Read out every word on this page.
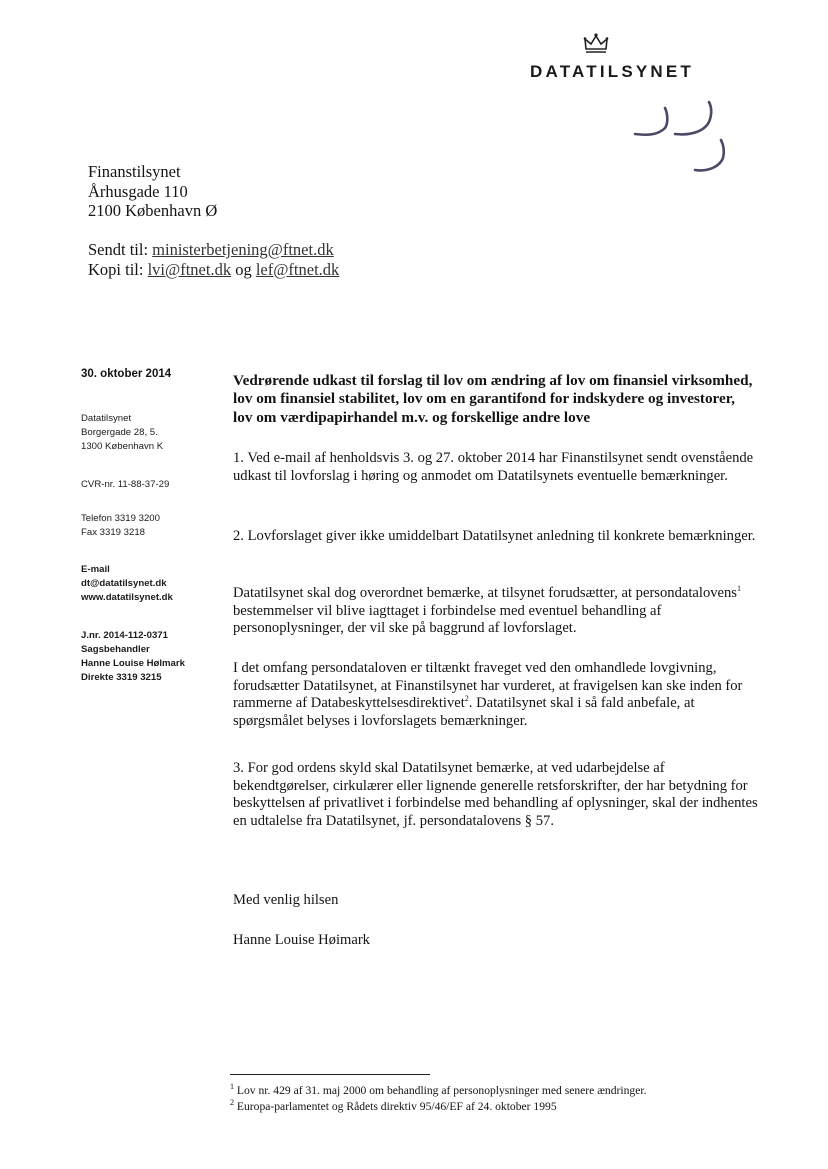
DATATILSYNET
Finanstilsynet
Århusgade 110
2100 København Ø
Sendt til: ministerbetjening@ftnet.dk
Kopi til: lvi@ftnet.dk og lef@ftnet.dk
30. oktober 2014
Datatilsynet
Borgergade 28, 5.
1300 København K
CVR-nr. 11-88-37-29
Telefon 3319 3200
Fax 3319 3218
E-mail
dt@datatilsynet.dk
www.datatilsynet.dk
J.nr. 2014-112-0371
Sagsbehandler
Hanne Louise Hølmark
Direkte 3319 3215
Vedrørende udkast til forslag til lov om ændring af lov om finansiel virksomhed, lov om finansiel stabilitet, lov om en garantifond for indskydere og investorer, lov om værdipapirhandel m.v. og forskellige andre love

1. Ved e-mail af henholdsvis 3. og 27. oktober 2014 har Finanstilsynet sendt ovenstående udkast til lovforslag i høring og anmodet om Datatilsynets eventuelle bemærkninger.

2. Lovforslaget giver ikke umiddelbart Datatilsynet anledning til konkrete bemærkninger.

Datatilsynet skal dog overordnet bemærke, at tilsynet forudsætter, at persondatalovens$^1$ bestemmelser vil blive iagttaget i forbindelse med eventuel behandling af personoplysninger, der vil ske på baggrund af lovforslaget.

I det omfang persondataloven er tiltænkt fraveget ved den omhandlede lovgivning, forudsætter Datatilsynet, at Finanstilsynet har vurderet, at fravigelsen kan ske inden for rammerne af Databeskyttelsesdirektivet$^2$. Datatilsynet skal i så fald anbefale, at spørgsmålet belyses i lovforslagets bemærkninger.

3. For god ordens skyld skal Datatilsynet bemærke, at ved udarbejdelse af bekendtgørelser, cirkulærer eller lignende generelle retsforskrifter, der har betydning for beskyttelsen af privatlivet i forbindelse med behandling af oplysninger, skal der indhentes en udtalelse fra Datatilsynet, jf. persondatalovens § 57.

Med venlig hilsen
Hanne Louise Høimark
$^1$ Lov nr. 429 af 31. maj 2000 om behandling af personoplysninger med senere ændringer.
$^2$ Europa-parlamentet og Rådets direktiv 95/46/EF af 24. oktober 1995
